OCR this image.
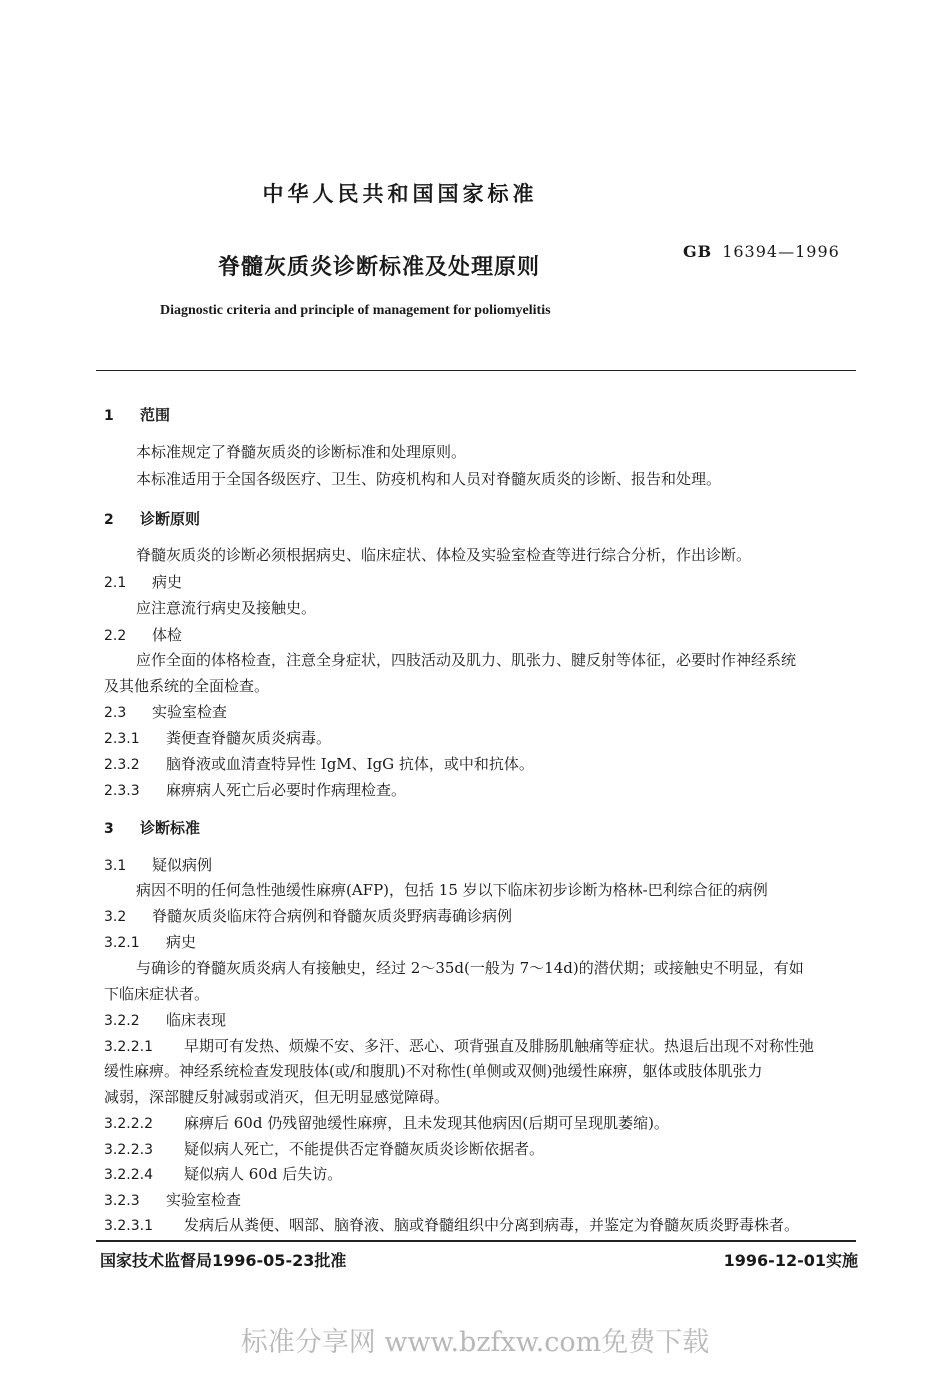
中华人民共和国国家标准
脊髓灰质炎诊断标准及处理原则
GB 16394—1996
Diagnostic criteria and principle of management for poliomyelitis
1 范围
本标准规定了脊髓灰质炎的诊断标准和处理原则。
本标准适用于全国各级医疗、卫生、防疫机构和人员对脊髓灰质炎的诊断、报告和处理。
2 诊断原则
脊髓灰质炎的诊断必须根据病史、临床症状、体检及实验室检查等进行综合分析，作出诊断。
2.1 病史
应注意流行病史及接触史。
2.2 体检
应作全面的体格检查，注意全身症状，四肢活动及肌力、肌张力、腱反射等体征，必要时作神经系统
及其他系统的全面检查。
2.3 实验室检查
2.3.1 粪便查脊髓灰质炎病毒。
2.3.2 脑脊液或血清查特异性 IgM、IgG 抗体，或中和抗体。
2.3.3 麻痹病人死亡后必要时作病理检查。
3 诊断标准
3.1 疑似病例
病因不明的任何急性弛缓性麻痹(AFP)，包括 15 岁以下临床初步诊断为格林-巴利综合征的病例
3.2 脊髓灰质炎临床符合病例和脊髓灰质炎野病毒确诊病例
3.2.1 病史
与确诊的脊髓灰质炎病人有接触史，经过 2～35d(一般为 7～14d)的潜伏期；或接触史不明显，有如
下临床症状者。
3.2.2 临床表现
3.2.2.1 早期可有发热、烦燥不安、多汗、恶心、项背强直及腓肠肌触痛等症状。热退后出现不对称性弛
缓性麻痹。神经系统检查发现肢体(或/和腹肌)不对称性(单侧或双侧)弛缓性麻痹，躯体或肢体肌张力
减弱，深部腱反射减弱或消灭，但无明显感觉障碍。
3.2.2.2 麻痹后 60d 仍残留弛缓性麻痹，且未发现其他病因(后期可呈现肌萎缩)。
3.2.2.3 疑似病人死亡，不能提供否定脊髓灰质炎诊断依据者。
3.2.2.4 疑似病人 60d 后失访。
3.2.3 实验室检查
3.2.3.1 发病后从粪便、咽部、脑脊液、脑或脊髓组织中分离到病毒，并鉴定为脊髓灰质炎野毒株者。
国家技术监督局1996-05-23批准	1996-12-01实施
标准分享网 www.bzfxw.com免费下载
